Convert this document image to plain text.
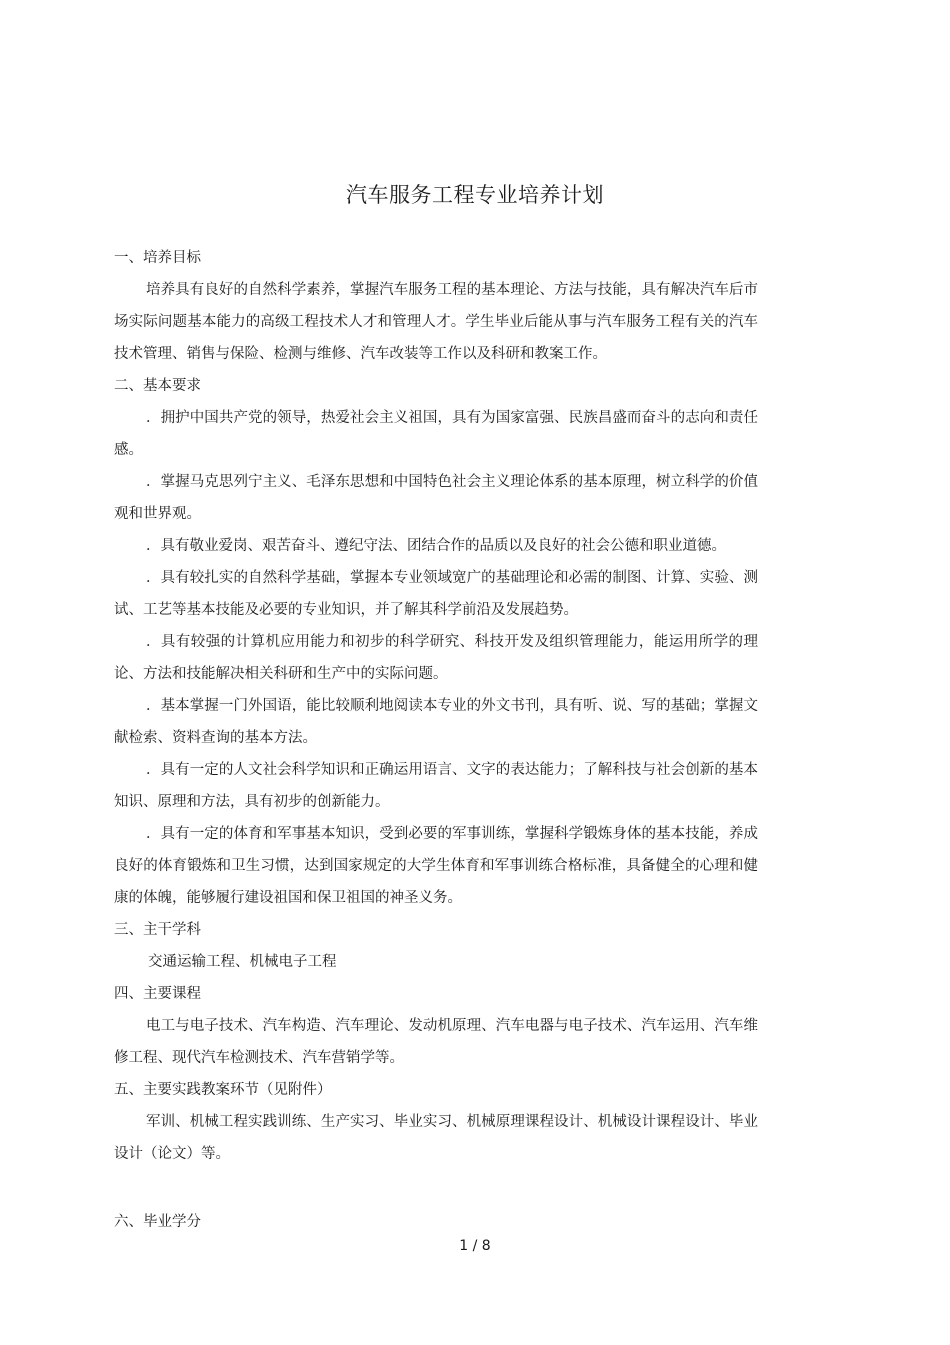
汽车服务工程专业培养计划

一、培养目标

培养具有良好的自然科学素养，掌握汽车服务工程的基本理论、方法与技能，具有解决汽车后市场实际问题基本能力的高级工程技术人才和管理人才。学生毕业后能从事与汽车服务工程有关的汽车技术管理、销售与保险、检测与维修、汽车改装等工作以及科研和教案工作。

二、基本要求

．拥护中国共产党的领导，热爱社会主义祖国，具有为国家富强、民族昌盛而奋斗的志向和责任感。

．掌握马克思列宁主义、毛泽东思想和中国特色社会主义理论体系的基本原理，树立科学的价值观和世界观。

．具有敬业爱岗、艰苦奋斗、遵纪守法、团结合作的品质以及良好的社会公德和职业道德。

．具有较扎实的自然科学基础，掌握本专业领域宽广的基础理论和必需的制图、计算、实验、测试、工艺等基本技能及必要的专业知识，并了解其科学前沿及发展趋势。

．具有较强的计算机应用能力和初步的科学研究、科技开发及组织管理能力，能运用所学的理论、方法和技能解决相关科研和生产中的实际问题。

．基本掌握一门外国语，能比较顺利地阅读本专业的外文书刊，具有听、说、写的基础；掌握文献检索、资料查询的基本方法。

．具有一定的人文社会科学知识和正确运用语言、文字的表达能力；了解科技与社会创新的基本知识、原理和方法，具有初步的创新能力。

．具有一定的体育和军事基本知识，受到必要的军事训练，掌握科学锻炼身体的基本技能，养成良好的体育锻炼和卫生习惯，达到国家规定的大学生体育和军事训练合格标准，具备健全的心理和健康的体魄，能够履行建设祖国和保卫祖国的神圣义务。

三、主干学科

交通运输工程、机械电子工程

四、主要课程

电工与电子技术、汽车构造、汽车理论、发动机原理、汽车电器与电子技术、汽车运用、汽车维修工程、现代汽车检测技术、汽车营销学等。

五、主要实践教案环节（见附件）

军训、机械工程实践训练、生产实习、毕业实习、机械原理课程设计、机械设计课程设计、毕业设计（论文）等。

六、毕业学分

1 / 8
